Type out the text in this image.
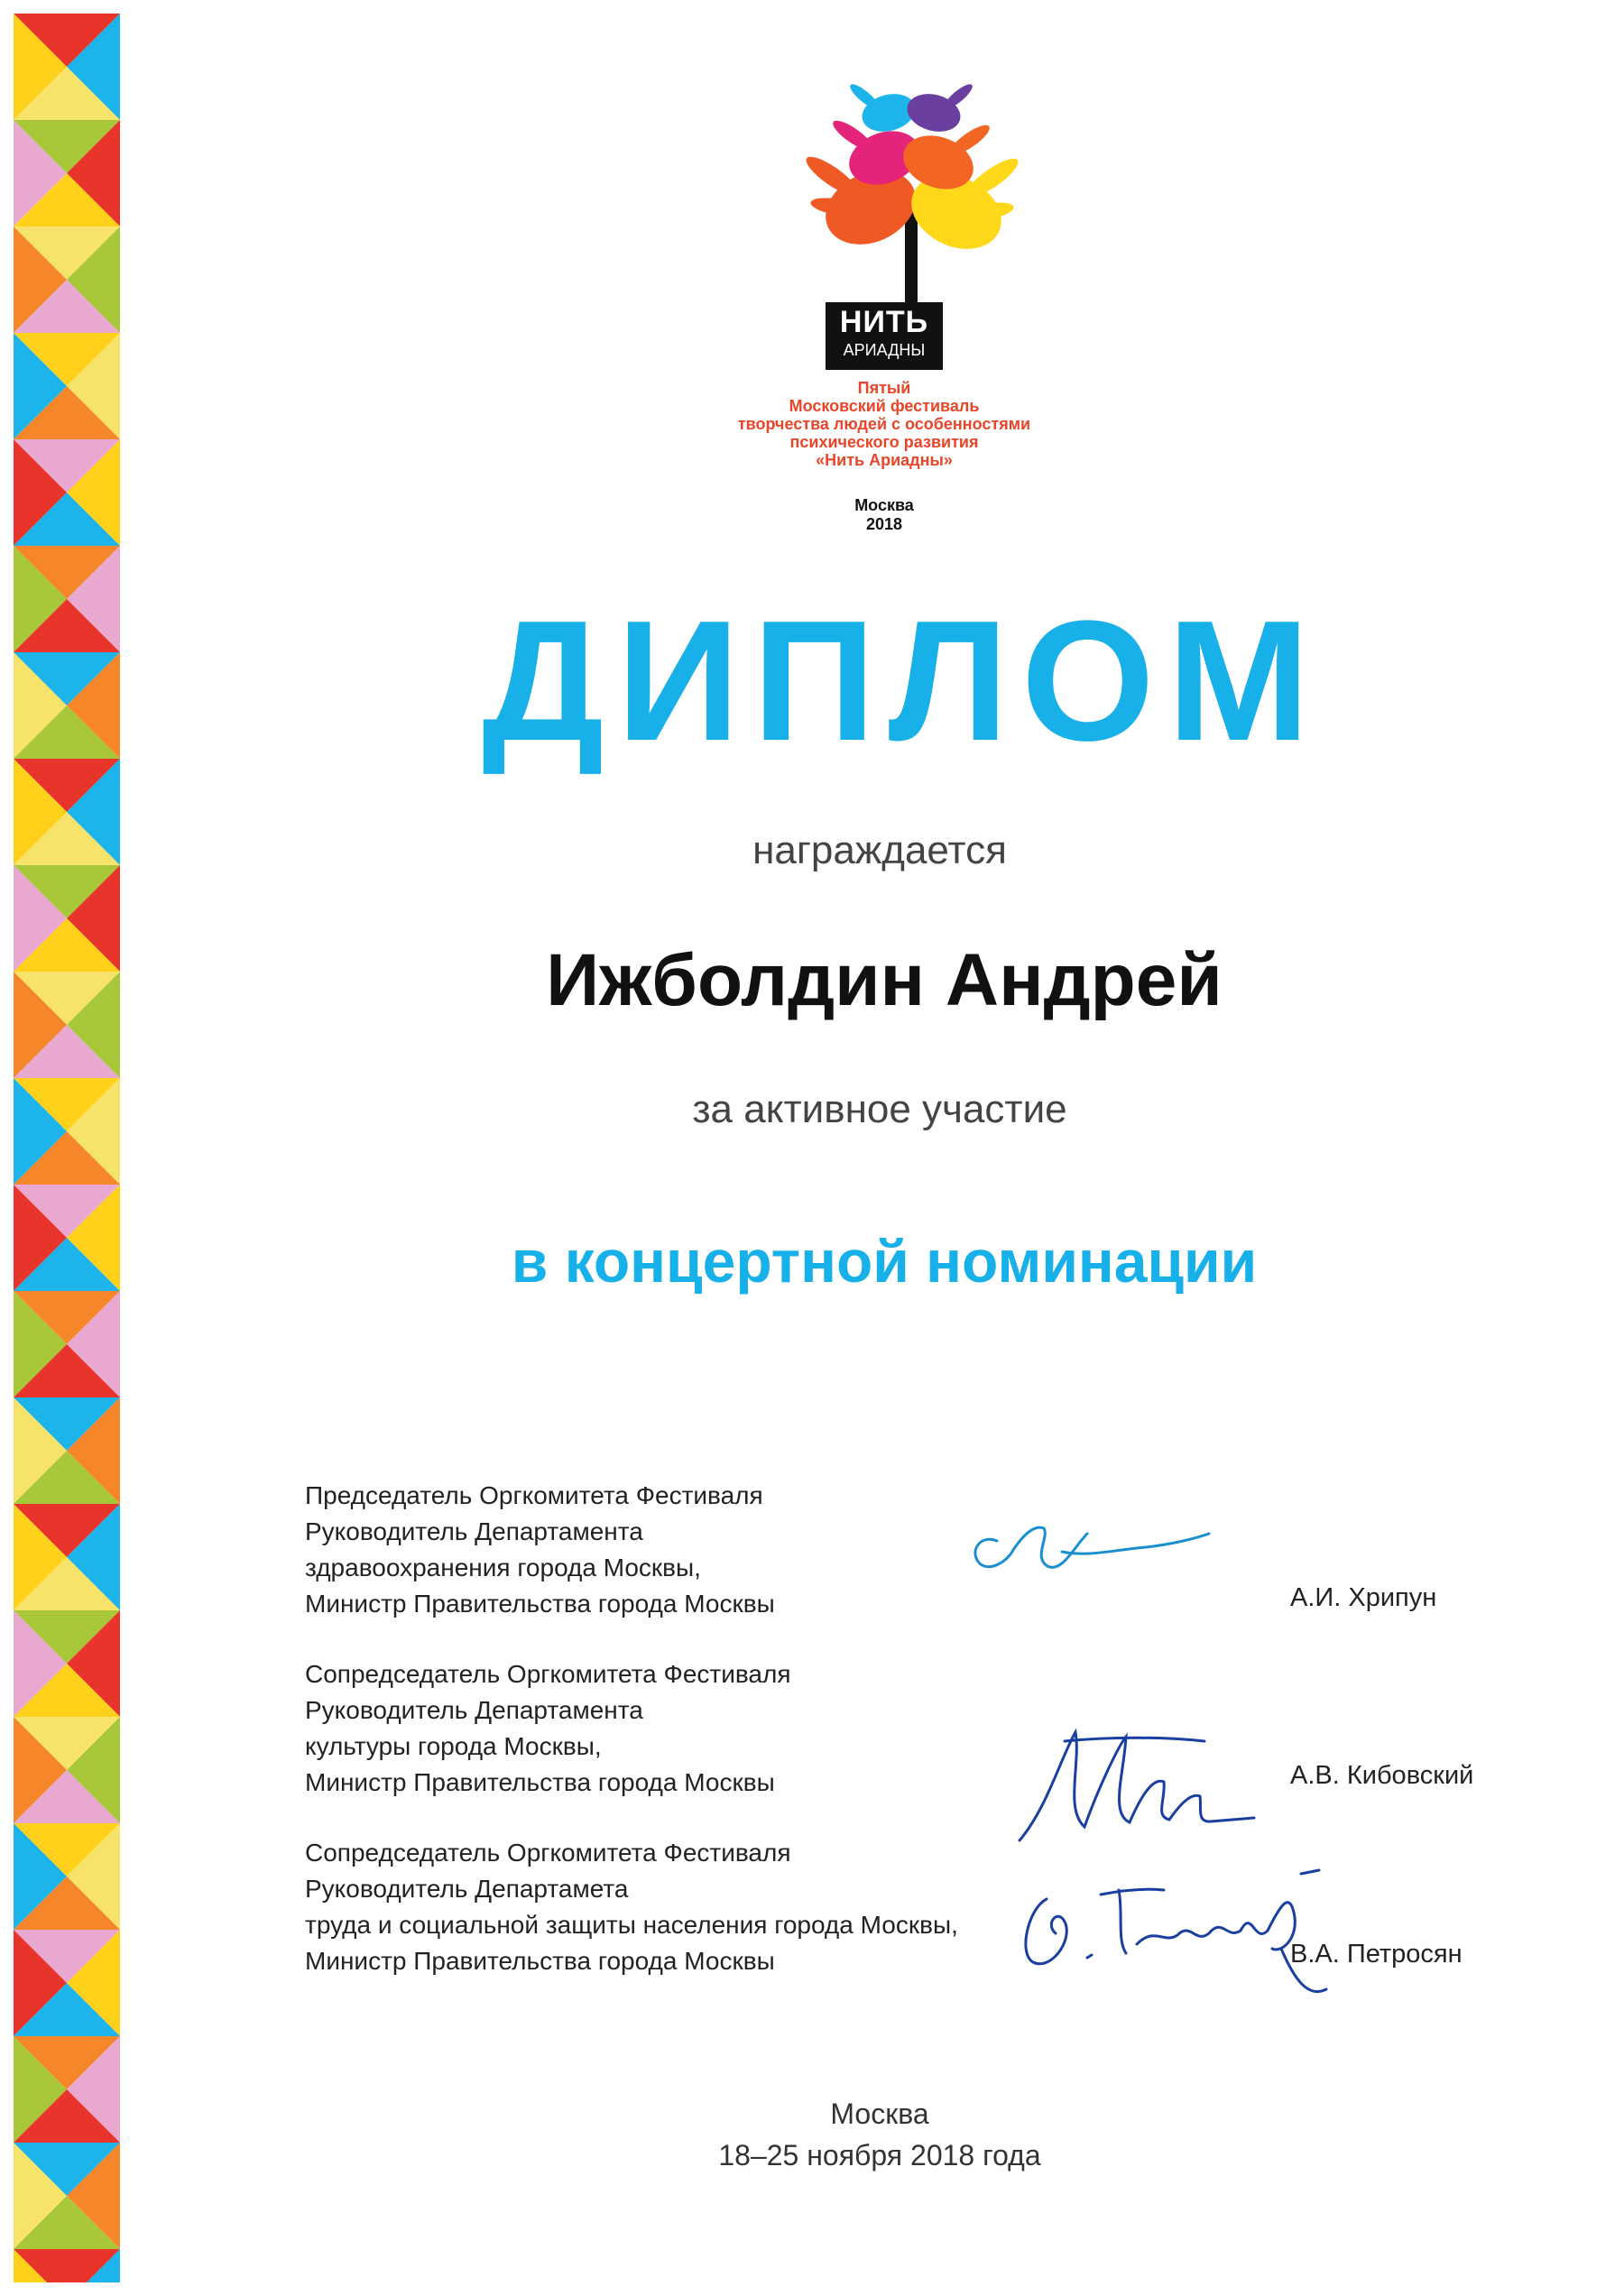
НИТЬ
АРИАДНЫ
Пятый
Московский фестиваль
творчества людей с особенностями
психического развития
«Нить Ариадны»
Москва
2018
ДИПЛОМ
награждается
Ижболдин Андрей
за активное участие
в концертной номинации
Председатель Оргкомитета Фестиваля
Руководитель Департамента
здравоохранения города Москвы,
Министр Правительства города Москвы	А.И. Хрипун
Сопредседатель Оргкомитета Фестиваля
Руководитель Департамента
культуры города Москвы,
Министр Правительства города Москвы	А.В. Кибовский
Сопредседатель Оргкомитета Фестиваля
Руководитель Департамета
труда и социальной защиты населения города Москвы,
Министр Правительства города Москвы	В.А. Петросян
Москва
18–25 ноября 2018 года
